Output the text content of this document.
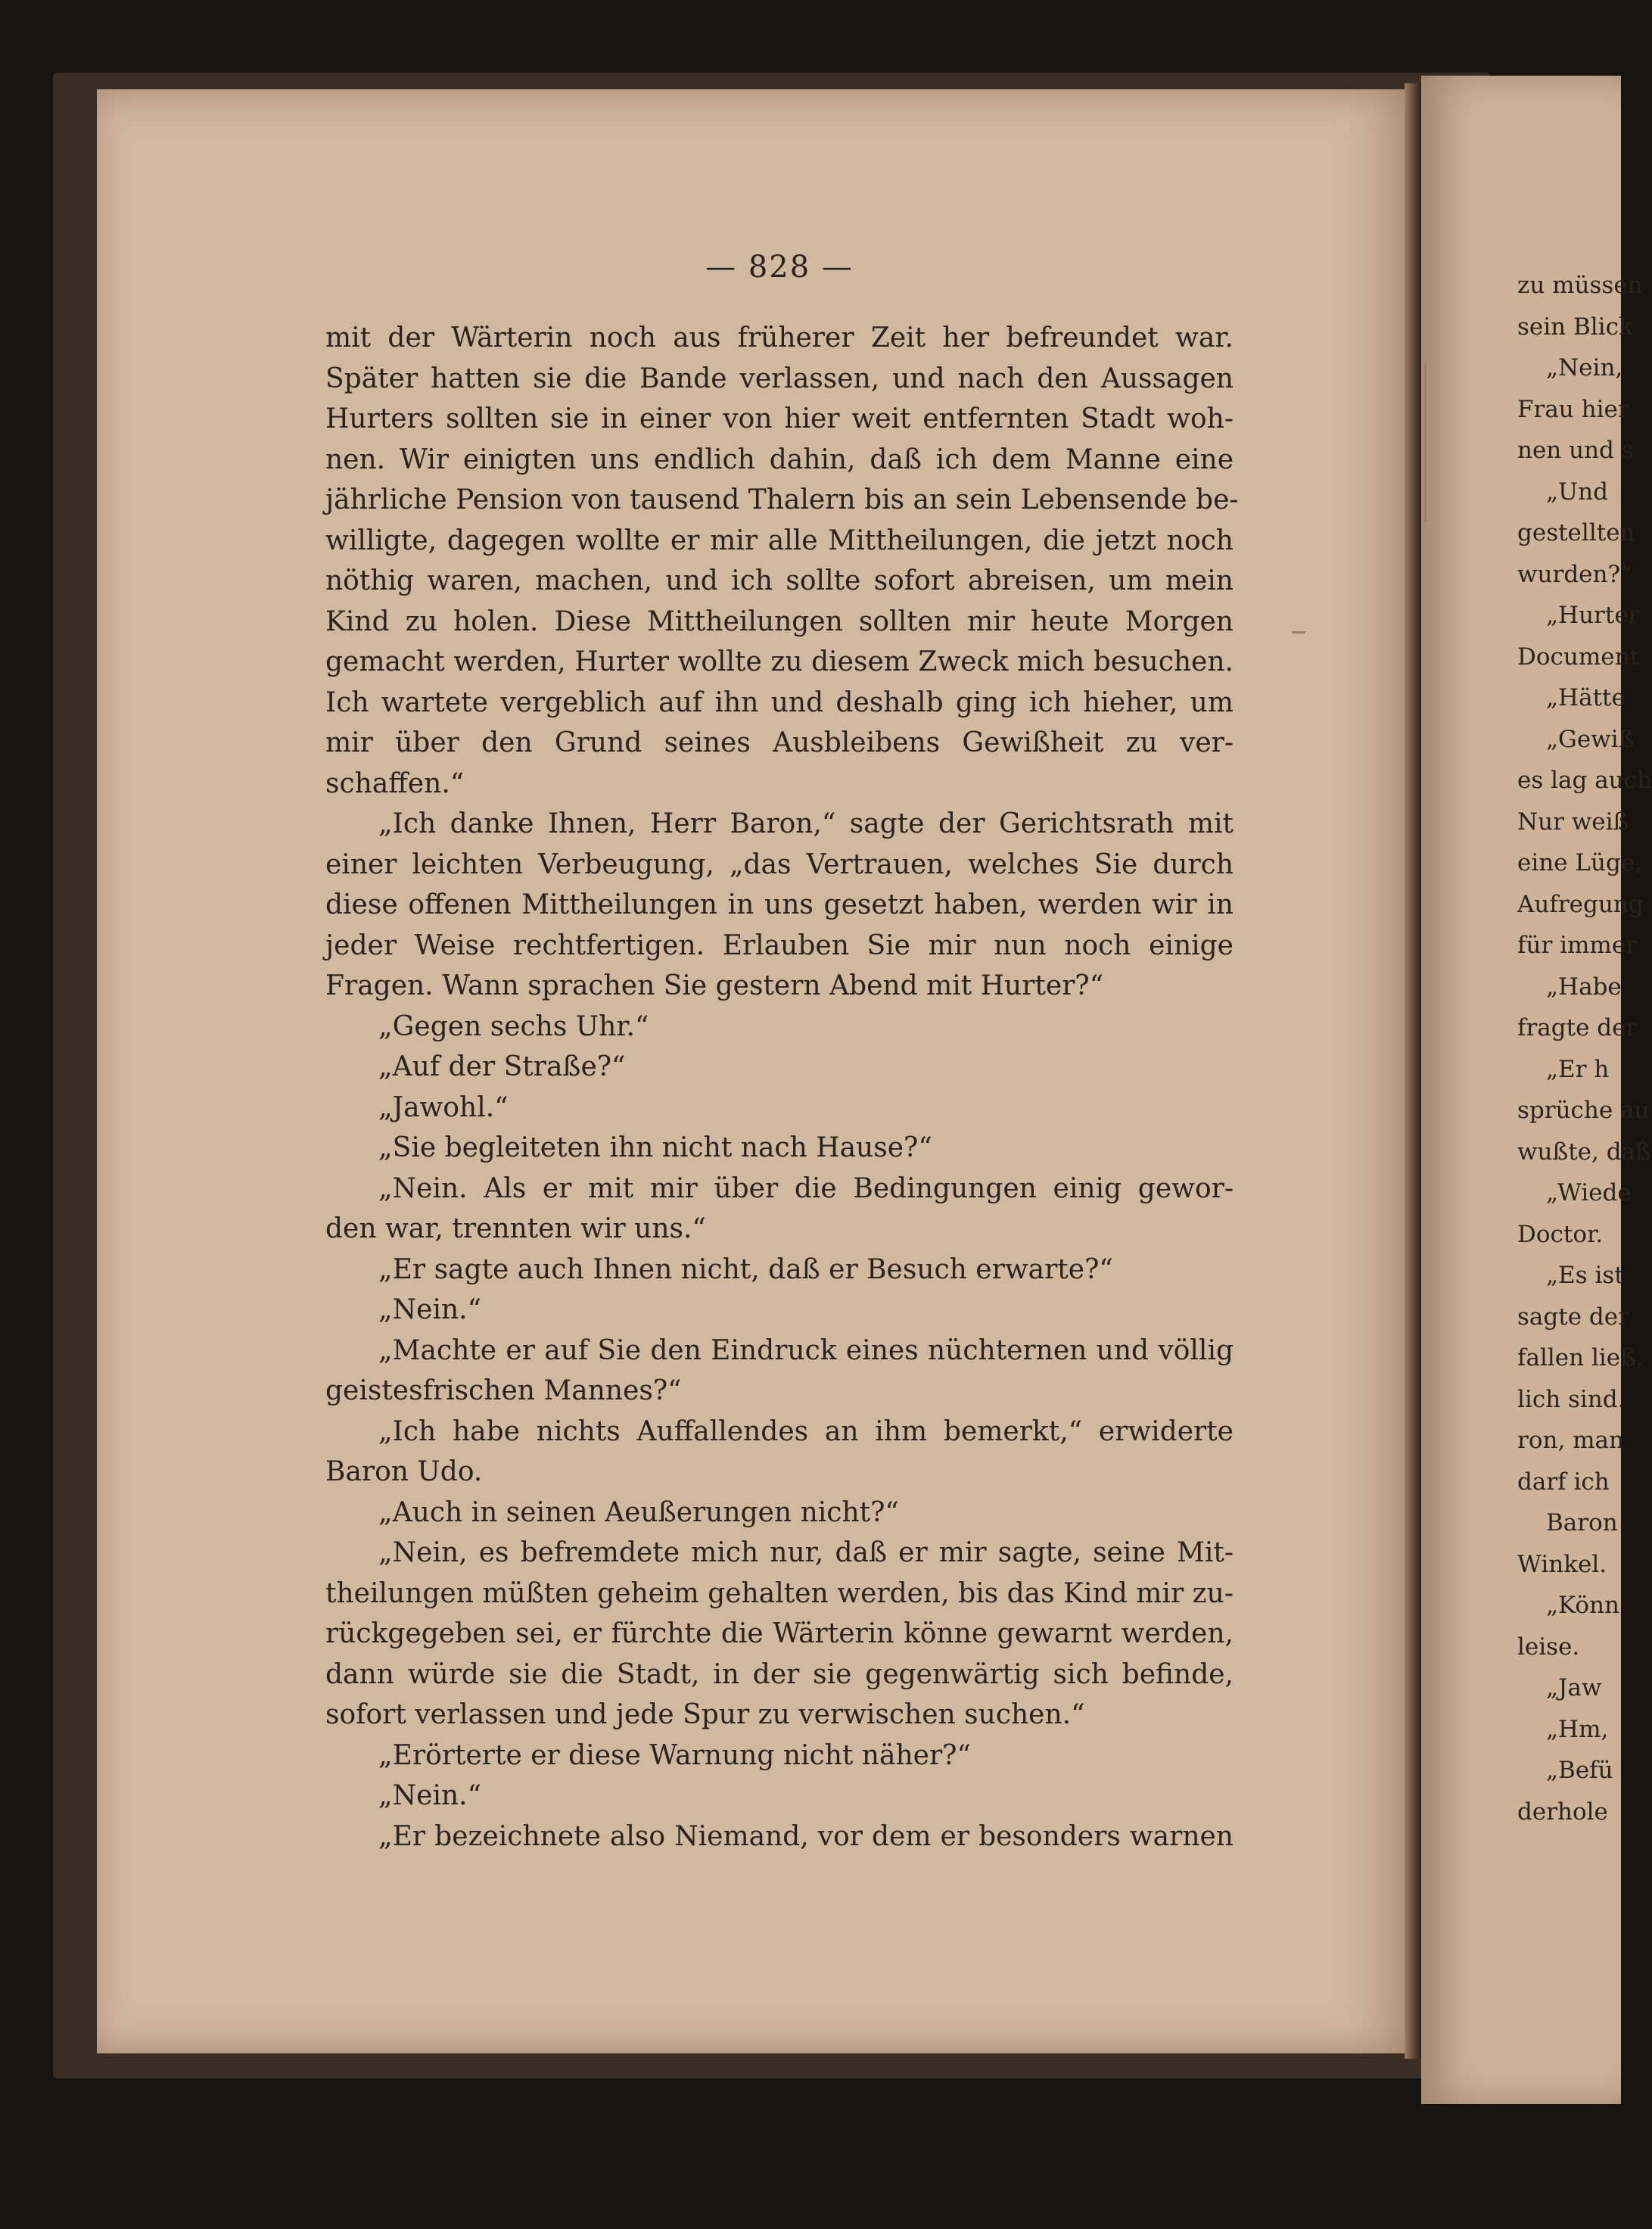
— 828 —
mit der Wärterin noch aus früherer Zeit her befreundet war.
Später hatten sie die Bande verlassen, und nach den Aussagen
Hurters sollten sie in einer von hier weit entfernten Stadt woh-
nen. Wir einigten uns endlich dahin, daß ich dem Manne eine
jährliche Pension von tausend Thalern bis an sein Lebensende be-
willigte, dagegen wollte er mir alle Mittheilungen, die jetzt noch
nöthig waren, machen, und ich sollte sofort abreisen, um mein
Kind zu holen. Diese Mittheilungen sollten mir heute Morgen
gemacht werden, Hurter wollte zu diesem Zweck mich besuchen.
Ich wartete vergeblich auf ihn und deshalb ging ich hieher, um
mir über den Grund seines Ausbleibens Gewißheit zu ver-
schaffen.“
„Ich danke Ihnen, Herr Baron,“ sagte der Gerichtsrath mit
einer leichten Verbeugung, „das Vertrauen, welches Sie durch
diese offenen Mittheilungen in uns gesetzt haben, werden wir in
jeder Weise rechtfertigen. Erlauben Sie mir nun noch einige
Fragen. Wann sprachen Sie gestern Abend mit Hurter?“
„Gegen sechs Uhr.“
„Auf der Straße?“
„Jawohl.“
„Sie begleiteten ihn nicht nach Hause?“
„Nein. Als er mit mir über die Bedingungen einig gewor-
den war, trennten wir uns.“
„Er sagte auch Ihnen nicht, daß er Besuch erwarte?“
„Nein.“
„Machte er auf Sie den Eindruck eines nüchternen und völlig
geistesfrischen Mannes?“
„Ich habe nichts Auffallendes an ihm bemerkt,“ erwiderte
Baron Udo.
„Auch in seinen Aeußerungen nicht?“
„Nein, es befremdete mich nur, daß er mir sagte, seine Mit-
theilungen müßten geheim gehalten werden, bis das Kind mir zu-
rückgegeben sei, er fürchte die Wärterin könne gewarnt werden,
dann würde sie die Stadt, in der sie gegenwärtig sich befinde,
sofort verlassen und jede Spur zu verwischen suchen.“
„Erörterte er diese Warnung nicht näher?“
„Nein.“
„Er bezeichnete also Niemand, vor dem er besonders warnen
zu müssen
sein Blick
„Nein,
Frau hier
nen und s
„Und
gestellten
wurden?“
„Hurter
Document
„Hätte
„Gewiß
es lag auch
Nur weiß
eine Lüge,
Aufregung
für immer
„Habe
fragte der
„Er h
sprüche au
wußte, daß
„Wiede
Doctor.
„Es ist
sagte der
fallen ließ,
lich sind.
ron, man
darf ich
Baron
Winkel.
„Könn
leise.
„Jaw
„Hm,
„Befü
derhole
